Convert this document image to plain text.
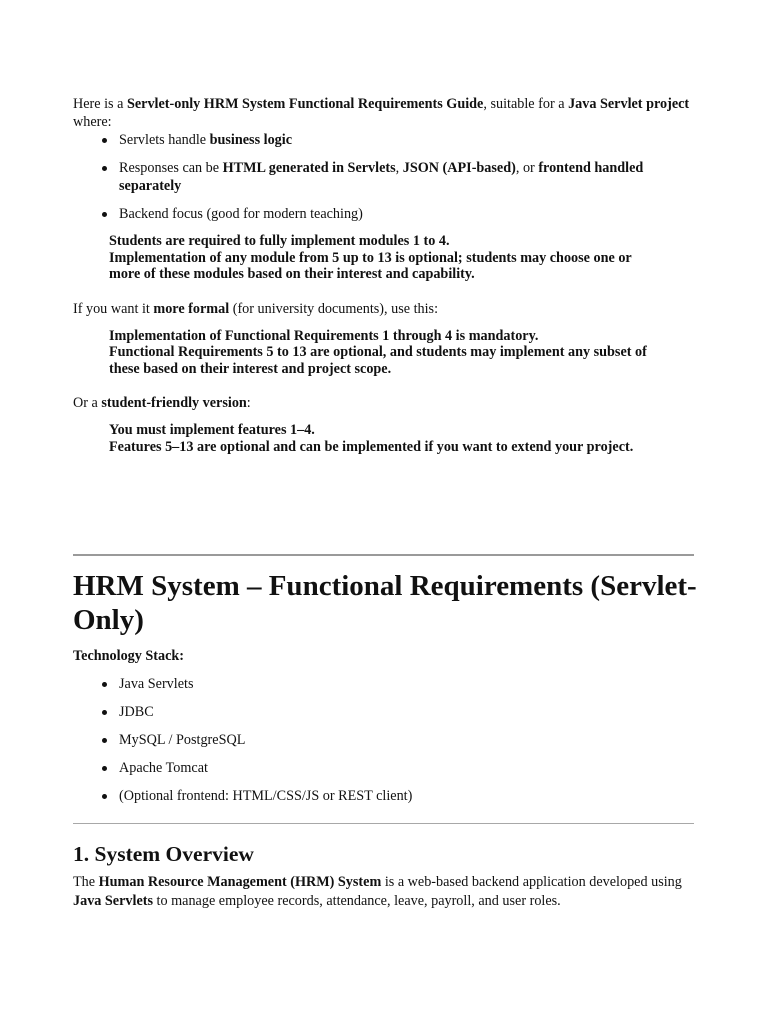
Here is a Servlet-only HRM System Functional Requirements Guide, suitable for a Java Servlet project where:

Servlets handle business logic
Responses can be HTML generated in Servlets, JSON (API-based), or frontend handled separately
Backend focus (good for modern teaching)
Students are required to fully implement modules 1 to 4.
Implementation of any module from 5 up to 13 is optional; students may choose one or more of these modules based on their interest and capability.

If you want it more formal (for university documents), use this:

Implementation of Functional Requirements 1 through 4 is mandatory.
Functional Requirements 5 to 13 are optional, and students may implement any subset of these based on their interest and project scope.

Or a student-friendly version:

You must implement features 1–4.
Features 5–13 are optional and can be implemented if you want to extend your project.
HRM System – Functional Requirements (Servlet-Only)
Technology Stack:
Java Servlets
JDBC
MySQL / PostgreSQL
Apache Tomcat
(Optional frontend: HTML/CSS/JS or REST client)
1. System Overview
The Human Resource Management (HRM) System is a web-based backend application developed using Java Servlets to manage employee records, attendance, leave, payroll, and user roles.
